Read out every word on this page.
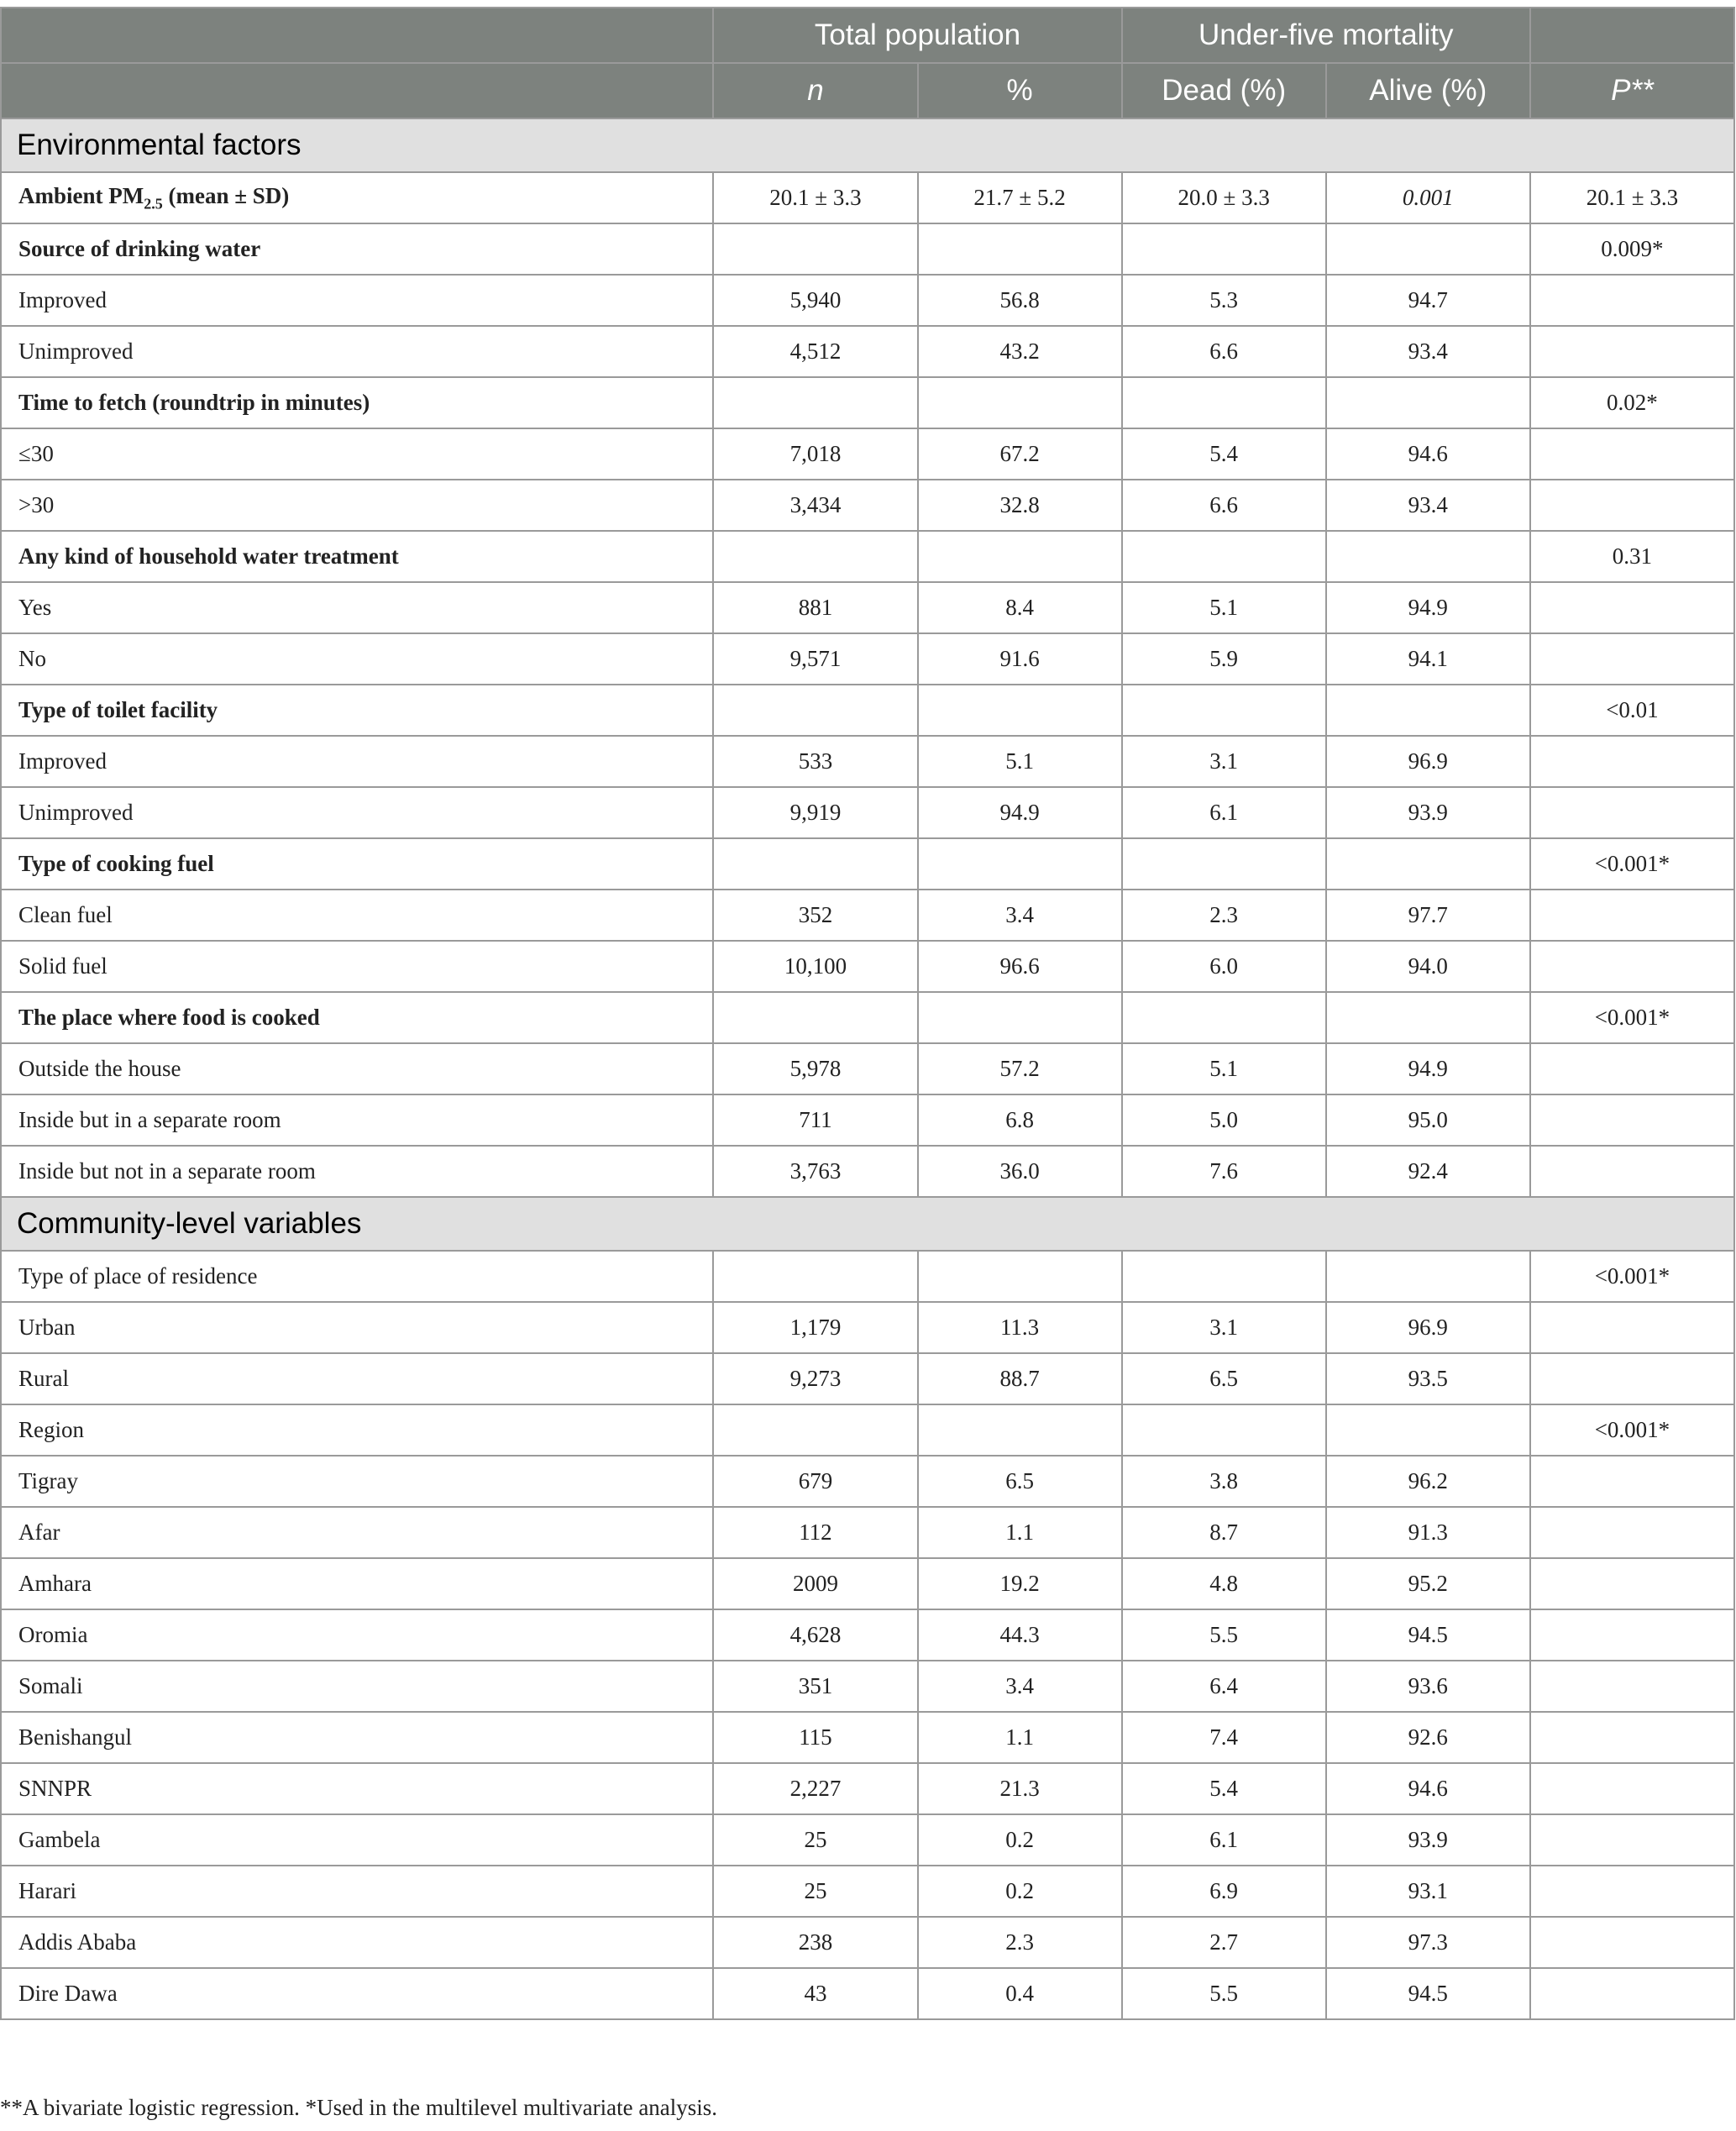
	Total population		Under-five mortality		
	n	%	Dead (%)	Alive (%)	P**
Environmental factors					
Ambient $PM_{2.5}$ (mean ± SD)	20.1 ± 3.3	21.7 ± 5.2	20.0 ± 3.3	0.001	20.1 ± 3.3
Source of drinking water					0.009*
Improved	5,940	56.8	5.3	94.7	
Unimproved	4,512	43.2	6.6	93.4	
Time to fetch (roundtrip in minutes)					0.02*
≤30	7,018	67.2	5.4	94.6	
>30	3,434	32.8	6.6	93.4	
Any kind of household water treatment					0.31
Yes	881	8.4	5.1	94.9	
No	9,571	91.6	5.9	94.1	
Type of toilet facility					<0.01
Improved	533	5.1	3.1	96.9	
Unimproved	9,919	94.9	6.1	93.9	
Type of cooking fuel					<0.001*
Clean fuel	352	3.4	2.3	97.7	
Solid fuel	10,100	96.6	6.0	94.0	
The place where food is cooked					<0.001*
Outside the house	5,978	57.2	5.1	94.9	
Inside but in a separate room	711	6.8	5.0	95.0	
Inside but not in a separate room	3,763	36.0	7.6	92.4	
Community-level variables					
Type of place of residence					<0.001*
Urban	1,179	11.3	3.1	96.9	
Rural	9,273	88.7	6.5	93.5	
Region					<0.001*
Tigray	679	6.5	3.8	96.2	
Afar	112	1.1	8.7	91.3	
Amhara	2009	19.2	4.8	95.2	
Oromia	4,628	44.3	5.5	94.5	
Somali	351	3.4	6.4	93.6	
Benishangul	115	1.1	7.4	92.6	
SNNPR	2,227	21.3	5.4	94.6	
Gambela	25	0.2	6.1	93.9	
Harari	25	0.2	6.9	93.1	
Addis Ababa	238	2.3	2.7	97.3	
Dire Dawa	43	0.4	5.5	94.5	
**A bivariate logistic regression. *Used in the multilevel multivariate analysis.
